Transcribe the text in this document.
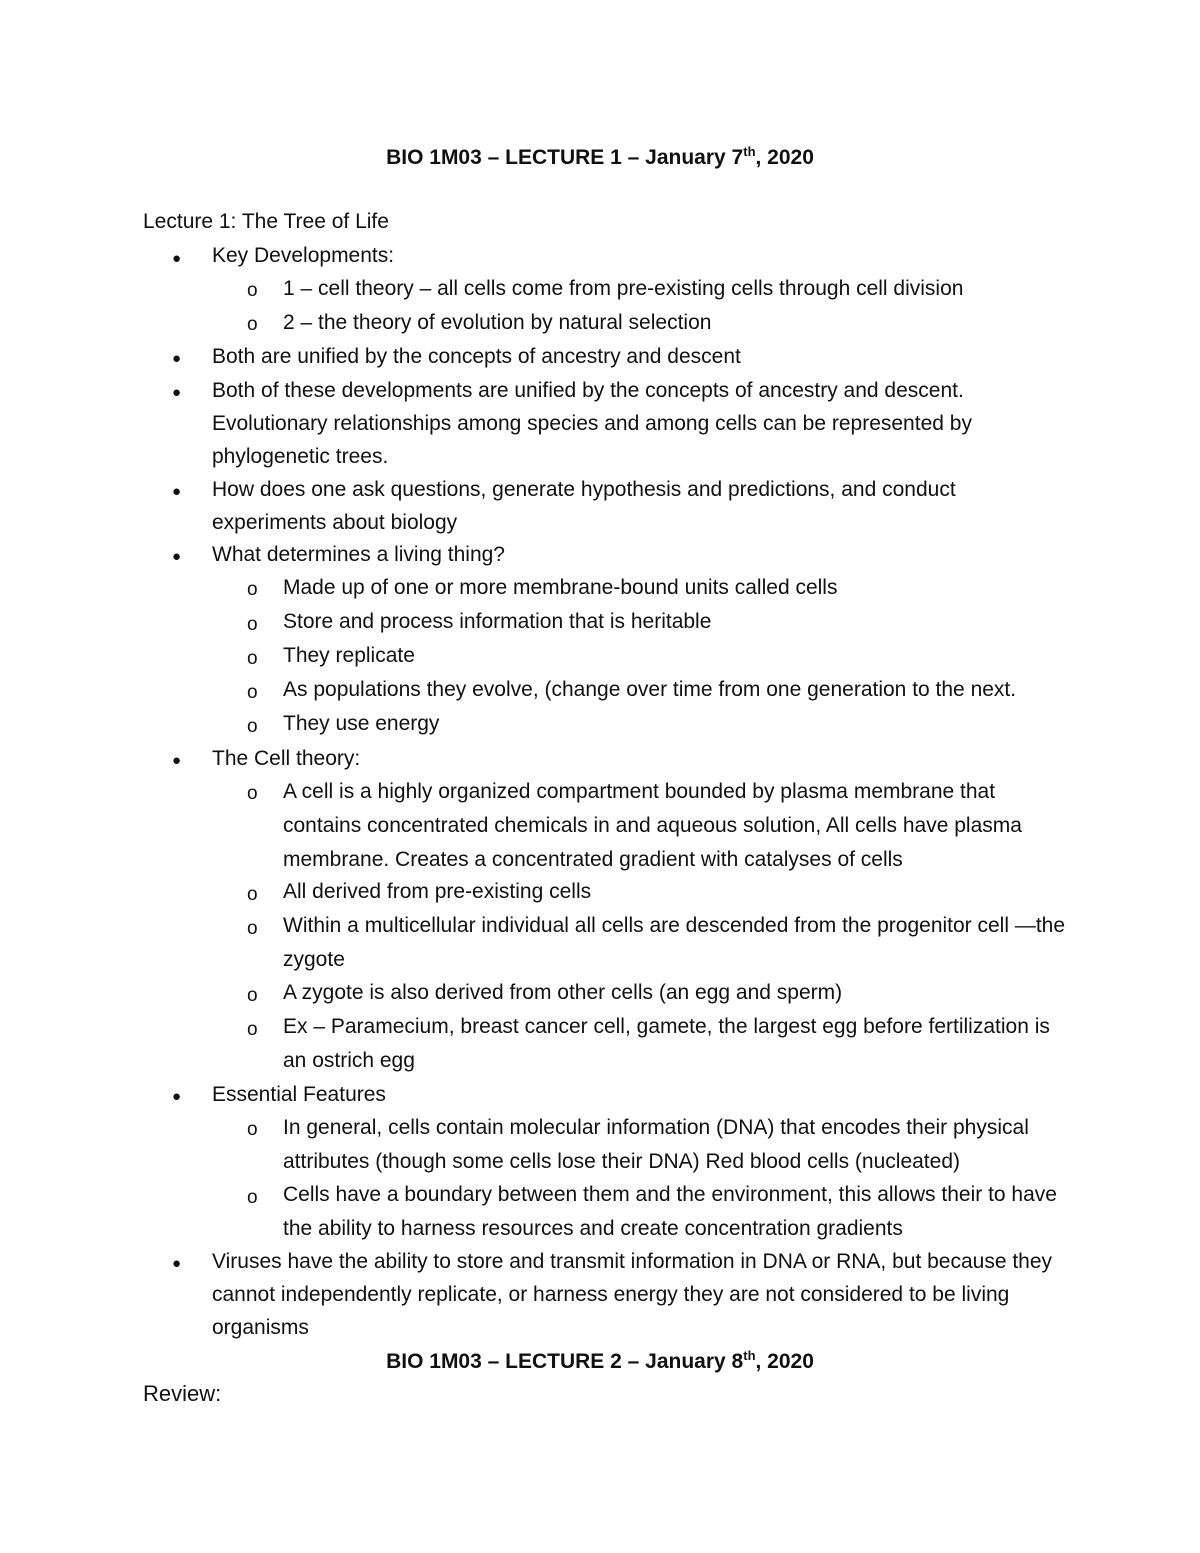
BIO 1M03 – LECTURE 1 – January 7th, 2020
Lecture 1: The Tree of Life
● Key Developments:
o 1 – cell theory – all cells come from pre-existing cells through cell division
o 2 – the theory of evolution by natural selection
● Both are unified by the concepts of ancestry and descent
● Both of these developments are unified by the concepts of ancestry and descent. Evolutionary relationships among species and among cells can be represented by phylogenetic trees.
● How does one ask questions, generate hypothesis and predictions, and conduct experiments about biology
● What determines a living thing?
o Made up of one or more membrane-bound units called cells
o Store and process information that is heritable
o They replicate
o As populations they evolve, (change over time from one generation to the next.
o They use energy
● The Cell theory:
o A cell is a highly organized compartment bounded by plasma membrane that contains concentrated chemicals in and aqueous solution, All cells have plasma membrane. Creates a concentrated gradient with catalyses of cells
o All derived from pre-existing cells
o Within a multicellular individual all cells are descended from the progenitor cell —the zygote
o A zygote is also derived from other cells (an egg and sperm)
o Ex – Paramecium, breast cancer cell, gamete, the largest egg before fertilization is an ostrich egg
● Essential Features
o In general, cells contain molecular information (DNA) that encodes their physical attributes (though some cells lose their DNA) Red blood cells (nucleated)
o Cells have a boundary between them and the environment, this allows their to have the ability to harness resources and create concentration gradients
● Viruses have the ability to store and transmit information in DNA or RNA, but because they cannot independently replicate, or harness energy they are not considered to be living organisms
BIO 1M03 – LECTURE 2 – January 8th, 2020
Review:
